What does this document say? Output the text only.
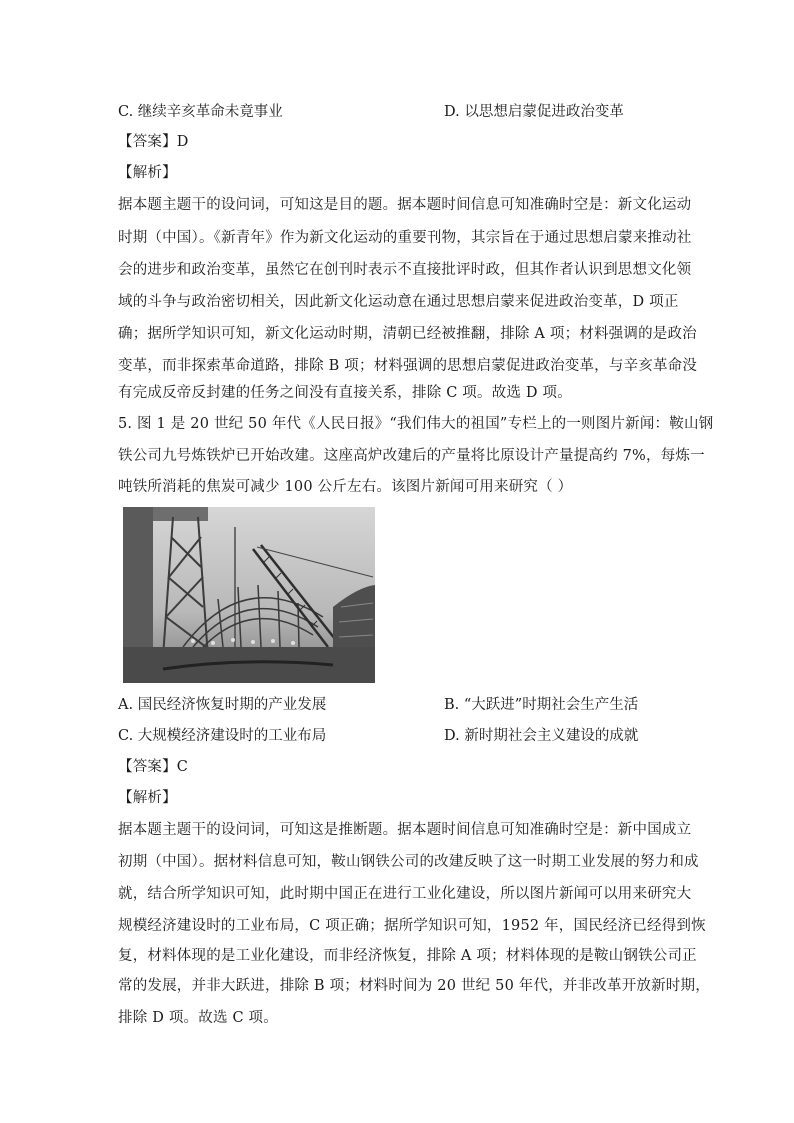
C. 继续辛亥革命未竟事业	D. 以思想启蒙促进政治变革
【答案】D
【解析】
据本题主题干的设问词，可知这是目的题。据本题时间信息可知准确时空是：新文化运动
时期（中国）。《新青年》作为新文化运动的重要刊物，其宗旨在于通过思想启蒙来推动社
会的进步和政治变革，虽然它在创刊时表示不直接批评时政，但其作者认识到思想文化领
域的斗争与政治密切相关，因此新文化运动意在通过思想启蒙来促进政治变革，D 项正
确；据所学知识可知，新文化运动时期，清朝已经被推翻，排除 A 项；材料强调的是政治
变革，而非探索革命道路，排除 B 项；材料强调的思想启蒙促进政治变革，与辛亥革命没
有完成反帝反封建的任务之间没有直接关系，排除 C 项。故选 D 项。
5. 图 1 是 20 世纪 50 年代《人民日报》“我们伟大的祖国”专栏上的一则图片新闻：鞍山钢
铁公司九号炼铁炉已开始改建。这座高炉改建后的产量将比原设计产量提高约 7%，每炼一
吨铁所消耗的焦炭可减少 100 公斤左右。该图片新闻可用来研究（ ）
A. 国民经济恢复时期的产业发展	B. “大跃进”时期社会生产生活
C. 大规模经济建设时的工业布局	D. 新时期社会主义建设的成就
【答案】C
【解析】
据本题主题干的设问词，可知这是推断题。据本题时间信息可知准确时空是：新中国成立
初期（中国）。据材料信息可知，鞍山钢铁公司的改建反映了这一时期工业发展的努力和成
就，结合所学知识可知，此时期中国正在进行工业化建设，所以图片新闻可以用来研究大
规模经济建设时的工业布局，C 项正确；据所学知识可知，1952 年，国民经济已经得到恢
复，材料体现的是工业化建设，而非经济恢复，排除 A 项；材料体现的是鞍山钢铁公司正
常的发展，并非大跃进，排除 B 项；材料时间为 20 世纪 50 年代，并非改革开放新时期，
排除 D 项。故选 C 项。
